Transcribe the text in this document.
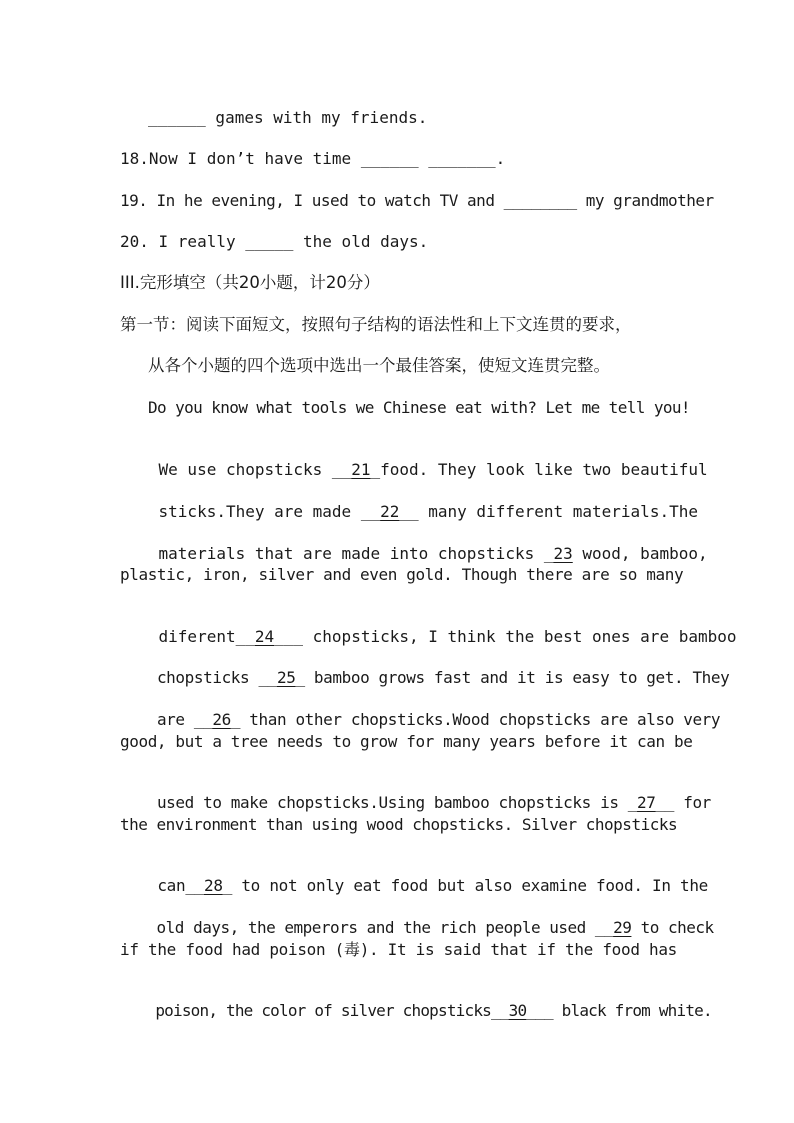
______ games with my friends.
18.Now I don’t have time ______ _______.
19. In he evening, I used to watch TV and ________ my grandmother
20. I really _____ the old days.
III.完形填空（共20小题，计20分）
第一节：阅读下面短文，按照句子结构的语法性和上下文连贯的要求，
从各个小题的四个选项中选出一个最佳答案，使短文连贯完整。
Do you know what tools we Chinese eat with? Let me tell you!

We use chopsticks __21_food. They look like two beautiful

sticks.They are made __22__ many different materials.The

materials that are made into chopsticks _23 wood, bamboo,

plastic, iron, silver and even gold. Though there are so many

diferent__24___ chopsticks, I think the best ones are bamboo

chopsticks __25_ bamboo grows fast and it is easy to get. They

are __26_ than other chopsticks.Wood chopsticks are also very

good, but a tree needs to grow for many years before it can be

used to make chopsticks.Using bamboo chopsticks is _27__ for

the environment than using wood chopsticks. Silver chopsticks

can__28_ to not only eat food but also examine food. In the

old days, the emperors and the rich people used __29 to check

if the food had poison (毒). It is said that if the food has

poison, the color of silver chopsticks__30___ black from white.
